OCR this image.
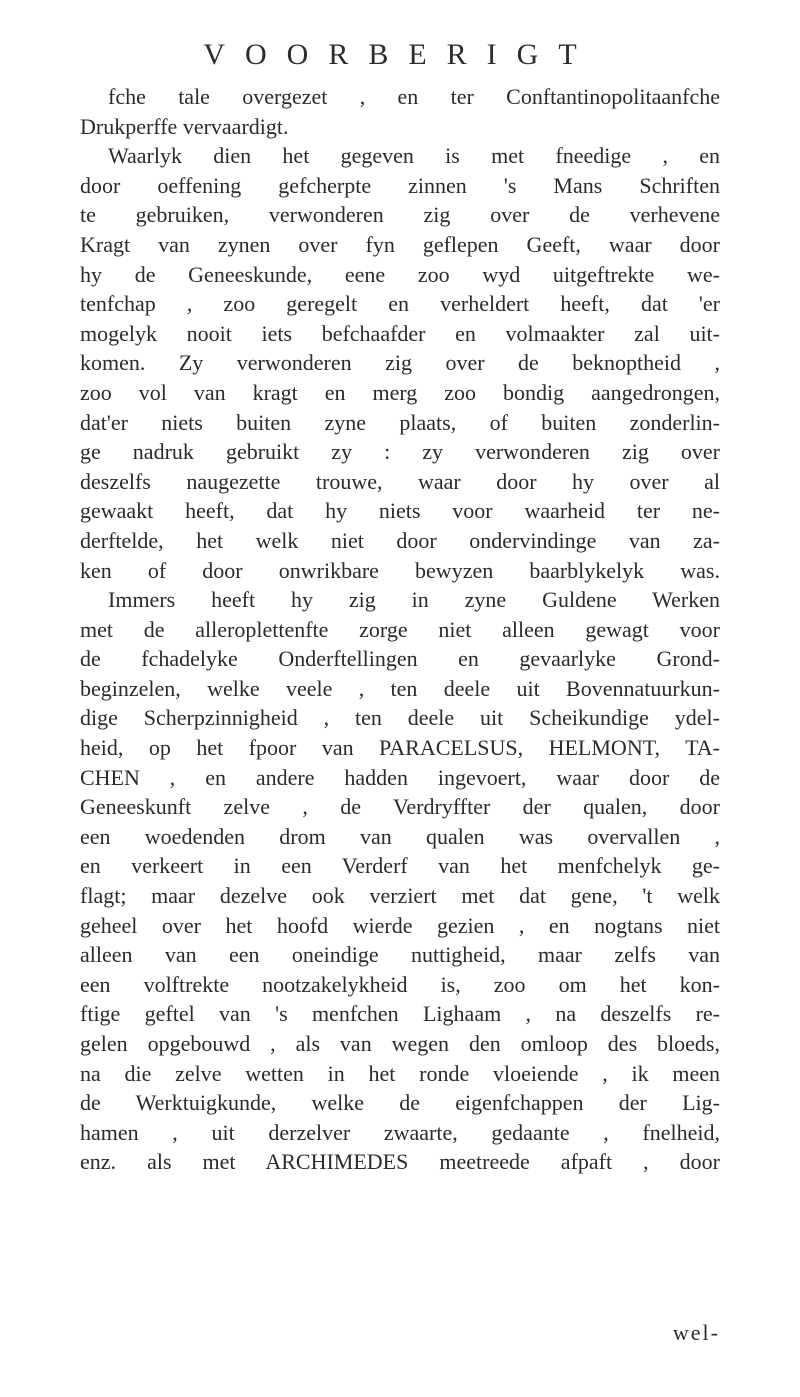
VOORBERIGT
fche tale overgezet , en ter Conftantinopolitaanfche
Drukperffe vervaardigt.
Waarlyk dien het gegeven is met fneedige , en
door oeffening gefcherpte zinnen 's Mans Schriften
te gebruiken, verwonderen zig over de verhevene
Kragt van zynen over fyn geflepen Geeft, waar door
hy de Geneeskunde, eene zoo wyd uitgeftrekte we-
tenfchap , zoo geregelt en verheldert heeft, dat 'er
mogelyk nooit iets befchaafder en volmaakter zal uit-
komen. Zy verwonderen zig over de beknoptheid ,
zoo vol van kragt en merg zoo bondig aangedrongen,
dat'er niets buiten zyne plaats, of buiten zonderlin-
ge nadruk gebruikt zy : zy verwonderen zig over
deszelfs naugezette trouwe, waar door hy over al
gewaakt heeft, dat hy niets voor waarheid ter ne-
derftelde, het welk niet door ondervindinge van za-
ken of door onwrikbare bewyzen baarblykelyk was.
Immers heeft hy zig in zyne Guldene Werken
met de alleroplettenfte zorge niet alleen gewagt voor
de fchadelyke Onderftellingen en gevaarlyke Grond-
beginzelen, welke veele , ten deele uit Bovennatuurkun-
dige Scherpzinnigheid , ten deele uit Scheikundige ydel-
heid, op het fpoor van PARACELSUS, HELMONT, TA-
CHEN , en andere hadden ingevoert, waar door de
Geneeskunft zelve , de Verdryffter der qualen, door
een woedenden drom van qualen was overvallen ,
en verkeert in een Verderf van het menfchelyk ge-
flagt; maar dezelve ook verziert met dat gene, 't welk
geheel over het hoofd wierde gezien , en nogtans niet
alleen van een oneindige nuttigheid, maar zelfs van
een volftrekte nootzakelykheid is, zoo om het kon-
ftige geftel van 's menfchen Lighaam , na deszelfs re-
gelen opgebouwd , als van wegen den omloop des bloeds,
na die zelve wetten in het ronde vloeiende , ik meen
de Werktuigkunde, welke de eigenfchappen der Lig-
hamen , uit derzelver zwaarte, gedaante , fnelheid,
enz. als met ARCHIMEDES meetreede afpaft , door
wel-
